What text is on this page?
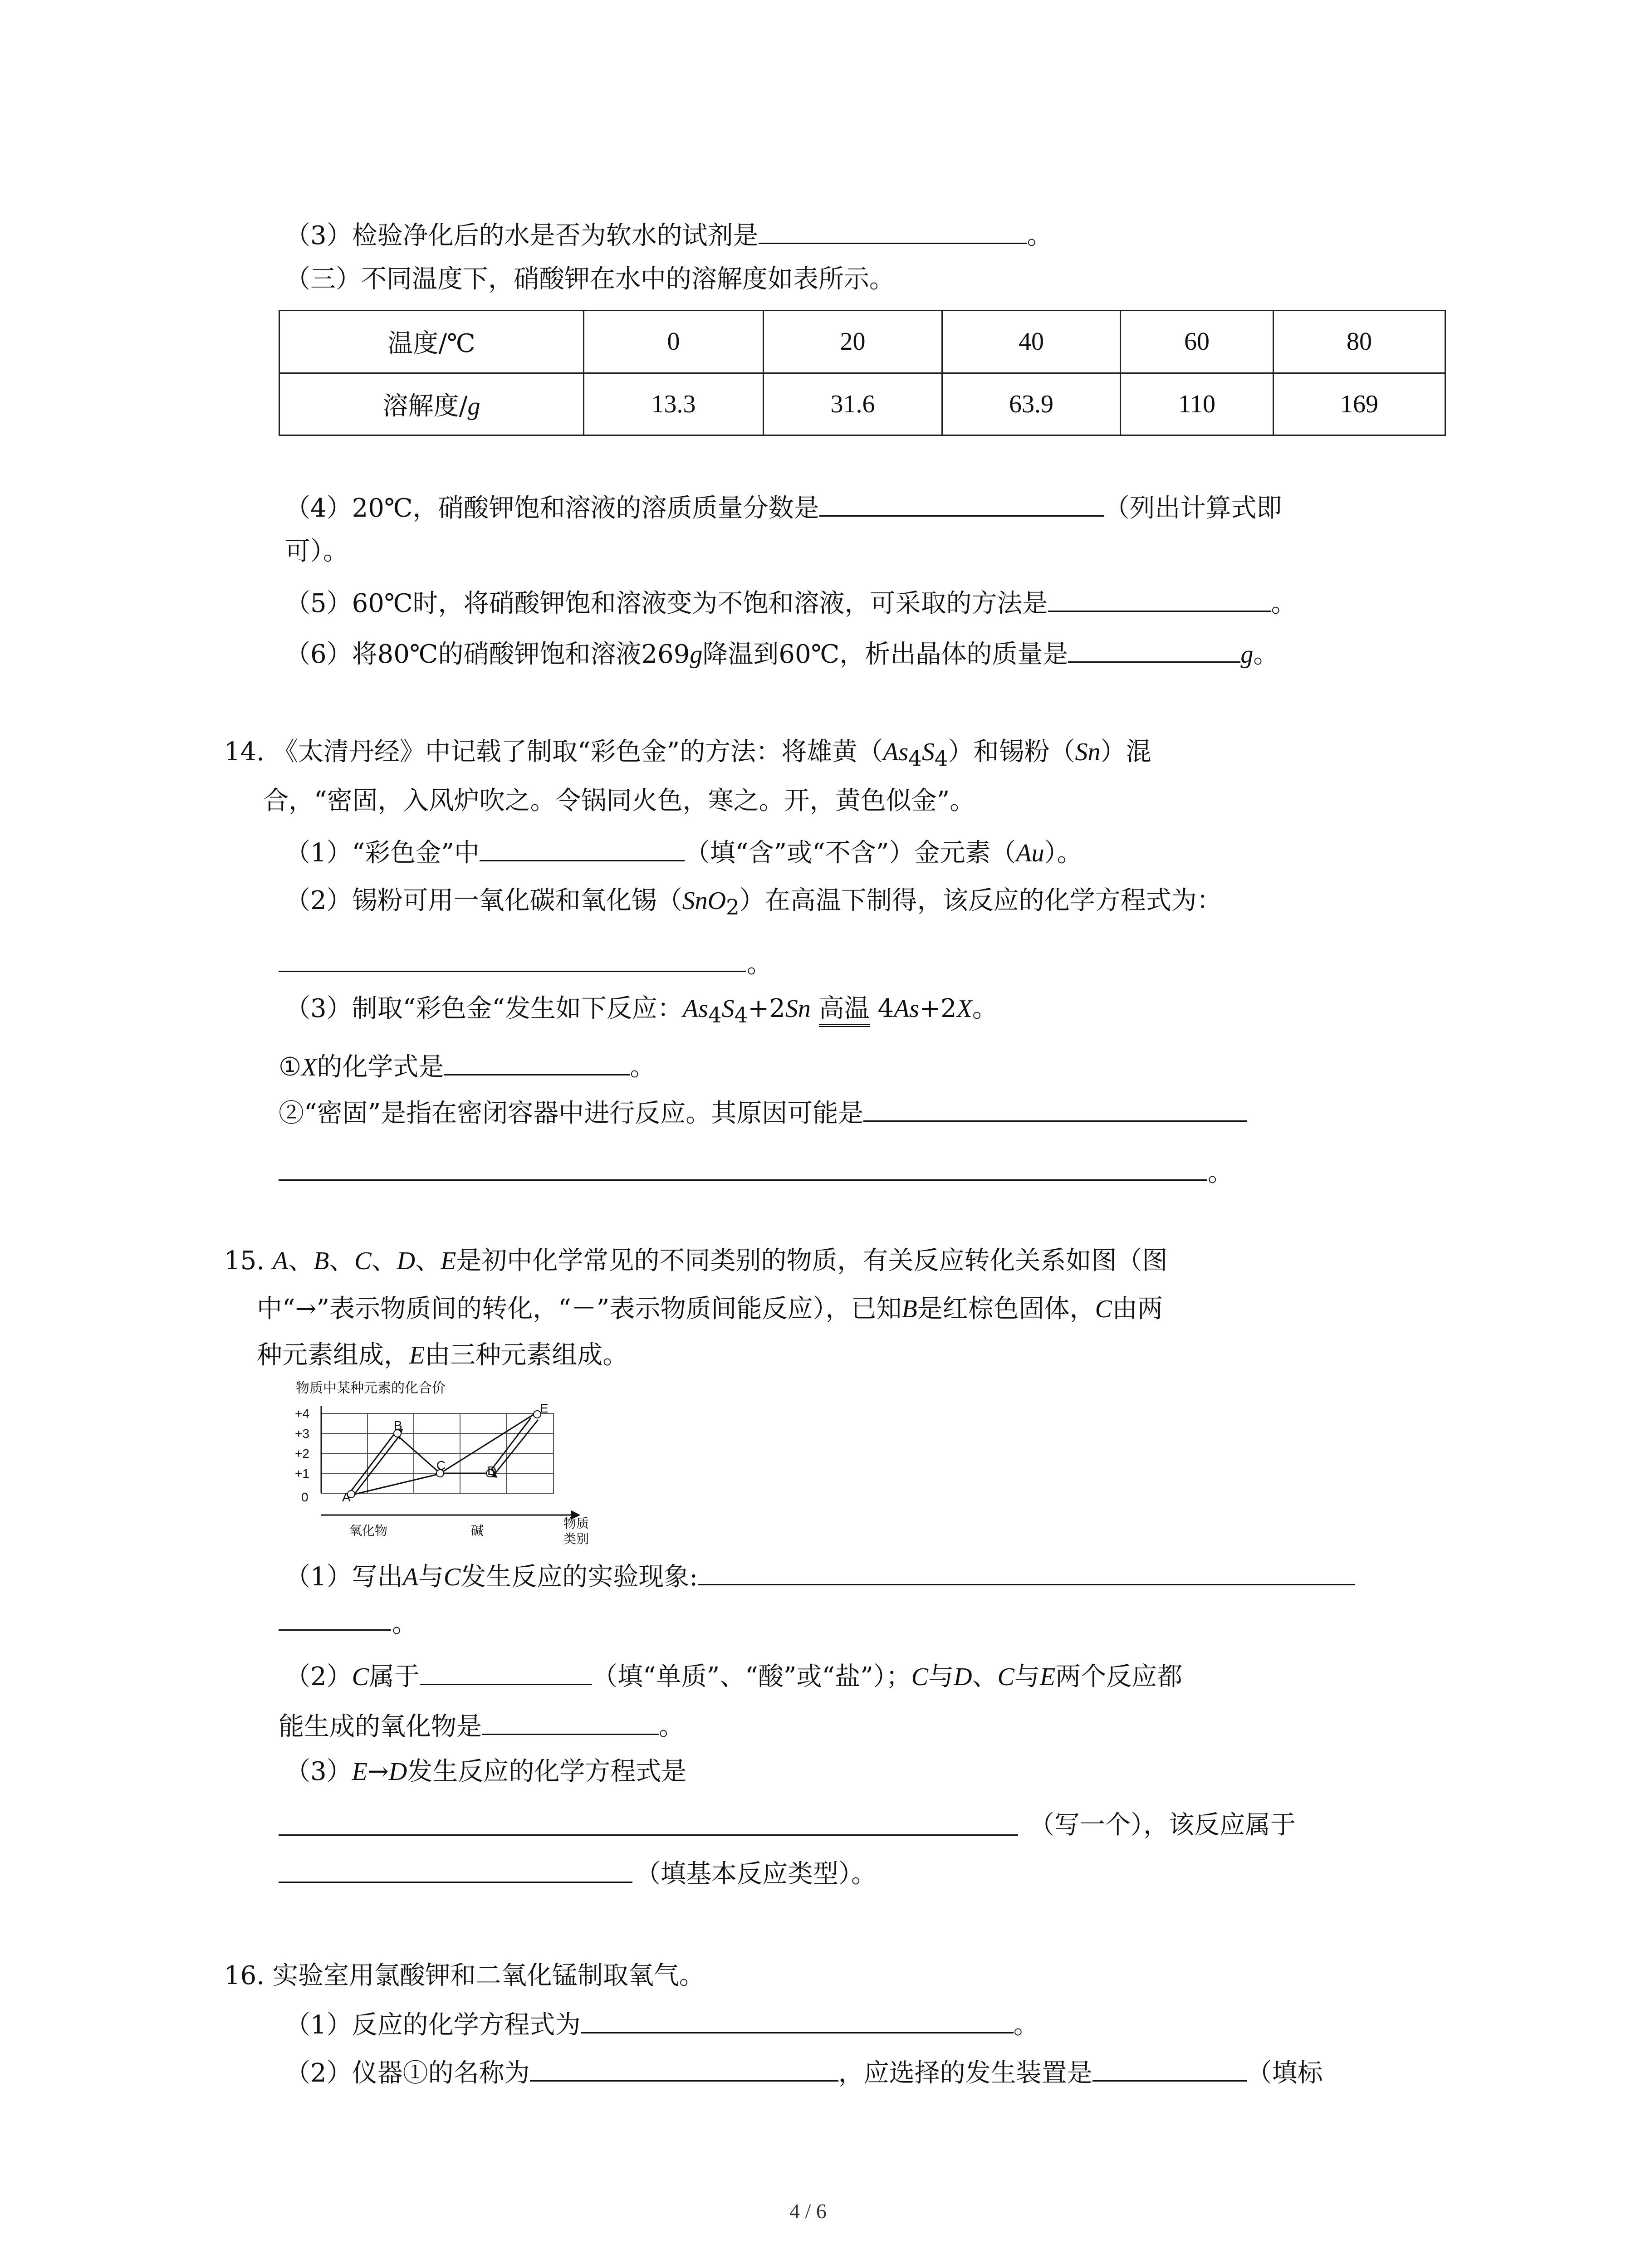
（3）检验净化后的水是否为软水的试剂是	。
（三）不同温度下，硝酸钾在水中的溶解度如表所示。
温度/℃	0	20	40	60	80
溶解度/g	13.3	31.6	63.9	110	169
（4）20℃，硝酸钾饱和溶液的溶质质量分数是	（列出计算式即
可）。
（5）60℃时，将硝酸钾饱和溶液变为不饱和溶液，可采取的方法是	。
（6）将80℃的硝酸钾饱和溶液269g降温到60℃，析出晶体的质量是	g。
14. 《太清丹经》中记载了制取“彩色金”的方法：将雄黄$(As_4S_4)$和锡粉（Sn）混
合，“密固，入风炉吹之。令锅同火色，寒之。开，黄色似金”。
（1）“彩色金”中	（填“含”或“不含”）金元素（Au）。
（2）锡粉可用一氧化碳和氧化锡（SnO$_2$）在高温下制得，该反应的化学方程式为：
。
（3）制取“彩色金“发生如下反应：$As_4S_4+2Sn$ 高温 4As+2X。
①X的化学式是	。
②“密固”是指在密闭容器中进行反应。其原因可能是
。
15. A、B、C、D、E是初中化学常见的不同类别的物质，有关反应转化关系如图（图
中“→”表示物质间的转化，“－”表示物质间能反应），已知B是红棕色固体，C由两
种元素组成，E由三种元素组成。
物质中某种元素的化合价
+4
+3
+2
+1
0	A
B
C	D
E
氧化物	碱	物质
类别
（1）写出A与C发生反应的实验现象:
。
（2）C属于	（填“单质”、“酸”或“盐”）；C与D、C与E两个反应都
能生成的氧化物是	。
（3）E→D发生反应的化学方程式是
（写一个），该反应属于
（填基本反应类型）。
16. 实验室用氯酸钾和二氧化锰制取氧气。
（1）反应的化学方程式为	。
（2）仪器①的名称为	，应选择的发生装置是	（填标
4 / 6
